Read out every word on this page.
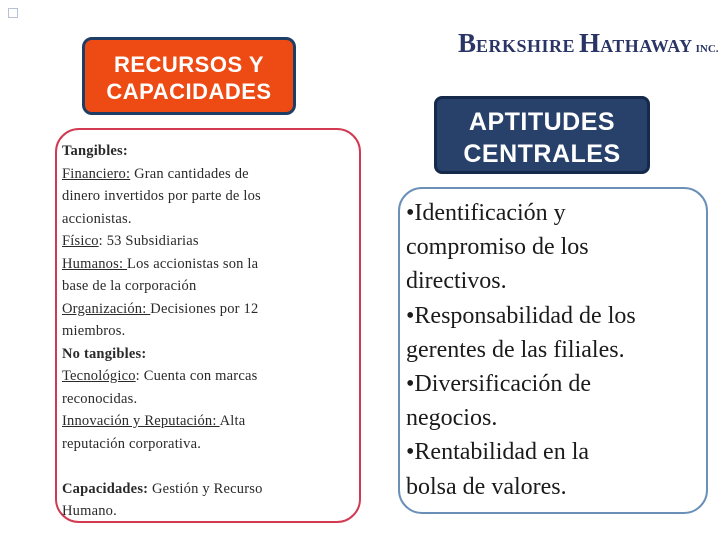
BERKSHIRE HATHAWAY INC.
RECURSOS Y
CAPACIDADES
Tangibles:
Financiero: Gran cantidades de
dinero invertidos por parte de los
accionistas.
Físico: 53 Subsidiarias
Humanos: Los accionistas son la
base de la corporación
Organización: Decisiones por 12
miembros.
No tangibles:
Tecnológico: Cuenta con marcas
reconocidas.
Innovación y Reputación: Alta
reputación corporativa.
Capacidades: Gestión y Recurso
Humano.
APTITUDES
CENTRALES
•Identificación y
compromiso de los
directivos.
•Responsabilidad de los
gerentes de las filiales.
•Diversificación de
negocios.
•Rentabilidad en la
bolsa de valores.
